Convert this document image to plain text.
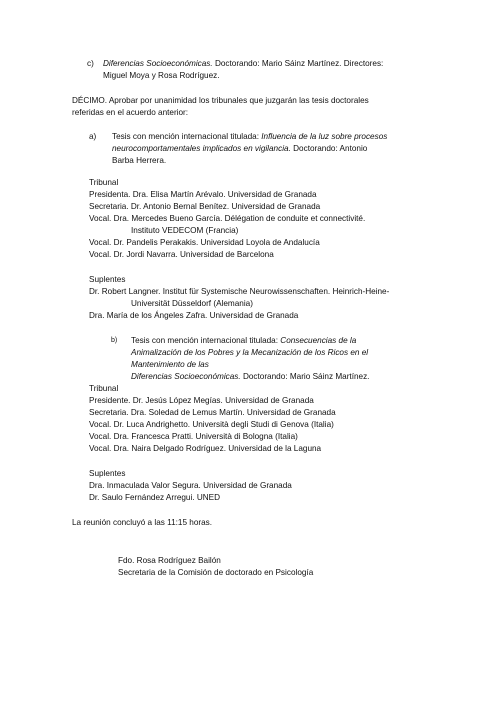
c) Diferencias Socioeconómicas. Doctorando: Mario Sáinz Martínez. Directores:
Miguel Moya y Rosa Rodríguez.
DÉCIMO. Aprobar por unanimidad los tribunales que juzgarán las tesis doctorales
referidas en el acuerdo anterior:
a) Tesis con mención internacional titulada: Influencia de la luz sobre procesos
neurocomportamentales implicados en vigilancia. Doctorando: Antonio
Barba Herrera.
Tribunal
Presidenta. Dra. Elisa Martín Arévalo. Universidad de Granada
Secretaria. Dr. Antonio Bernal Benítez. Universidad de Granada
Vocal. Dra. Mercedes Bueno García. Délégation de conduite et connectivité.
Instituto VEDECOM (Francia)
Vocal. Dr. Pandelis Perakakis. Universidad Loyola de Andalucía
Vocal. Dr. Jordi Navarra. Universidad de Barcelona
Suplentes
Dr. Robert Langner. Institut für Systemische Neurowissenschaften. Heinrich-Heine-
Universität Düsseldorf (Alemania)
Dra. María de los Ángeles Zafra. Universidad de Granada
b) Tesis con mención internacional titulada: Consecuencias de la
Animalización de los Pobres y la Mecanización de los Ricos en el
Mantenimiento de las
Diferencias Socioeconómicas. Doctorando: Mario Sáinz Martínez.
Tribunal
Presidente. Dr. Jesús López Megías. Universidad de Granada
Secretaria. Dra. Soledad de Lemus Martín. Universidad de Granada
Vocal. Dr. Luca Andrighetto. Università degli Studi di Genova (Italia)
Vocal. Dra. Francesca Pratti. Università di Bologna (Italia)
Vocal. Dra. Naira Delgado Rodríguez. Universidad de la Laguna
Suplentes
Dra. Inmaculada Valor Segura. Universidad de Granada
Dr. Saulo Fernández Arregui. UNED
La reunión concluyó a las 11:15 horas.
Fdo. Rosa Rodríguez Bailón
Secretaria de la Comisión de doctorado en Psicología
